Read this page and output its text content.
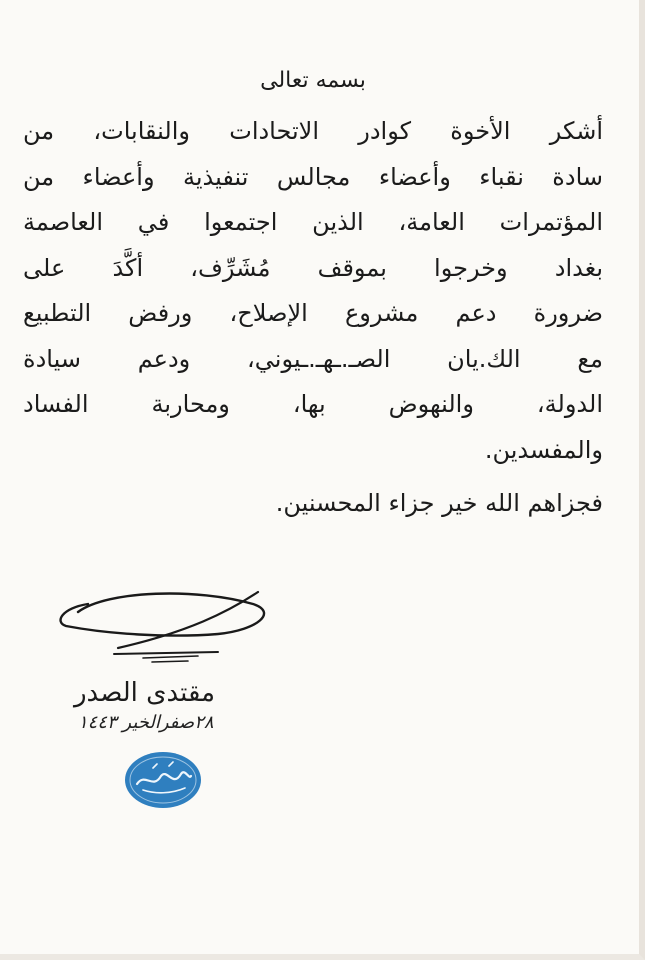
بسمه تعالى

أشكر الأخوة كوادر الاتحادات والنقابات، من

سادة نقباء وأعضاء مجالس تنفيذية وأعضاء من

المؤتمرات العامة، الذين اجتمعوا في العاصمة

بغداد وخرجوا بموقف مُشَرِّف، أكَّدَ على

ضرورة دعم مشروع الإصلاح، ورفض التطبيع

مع الك.يان الصـ.ـهـ.ـيوني، ودعم سيادة

الدولة، والنهوض بها، ومحاربة الفساد

والمفسدين.

فجزاهم الله خير جزاء المحسنين.

مقتدى الصدر
٢٨صفرالخير ١٤٤٣
